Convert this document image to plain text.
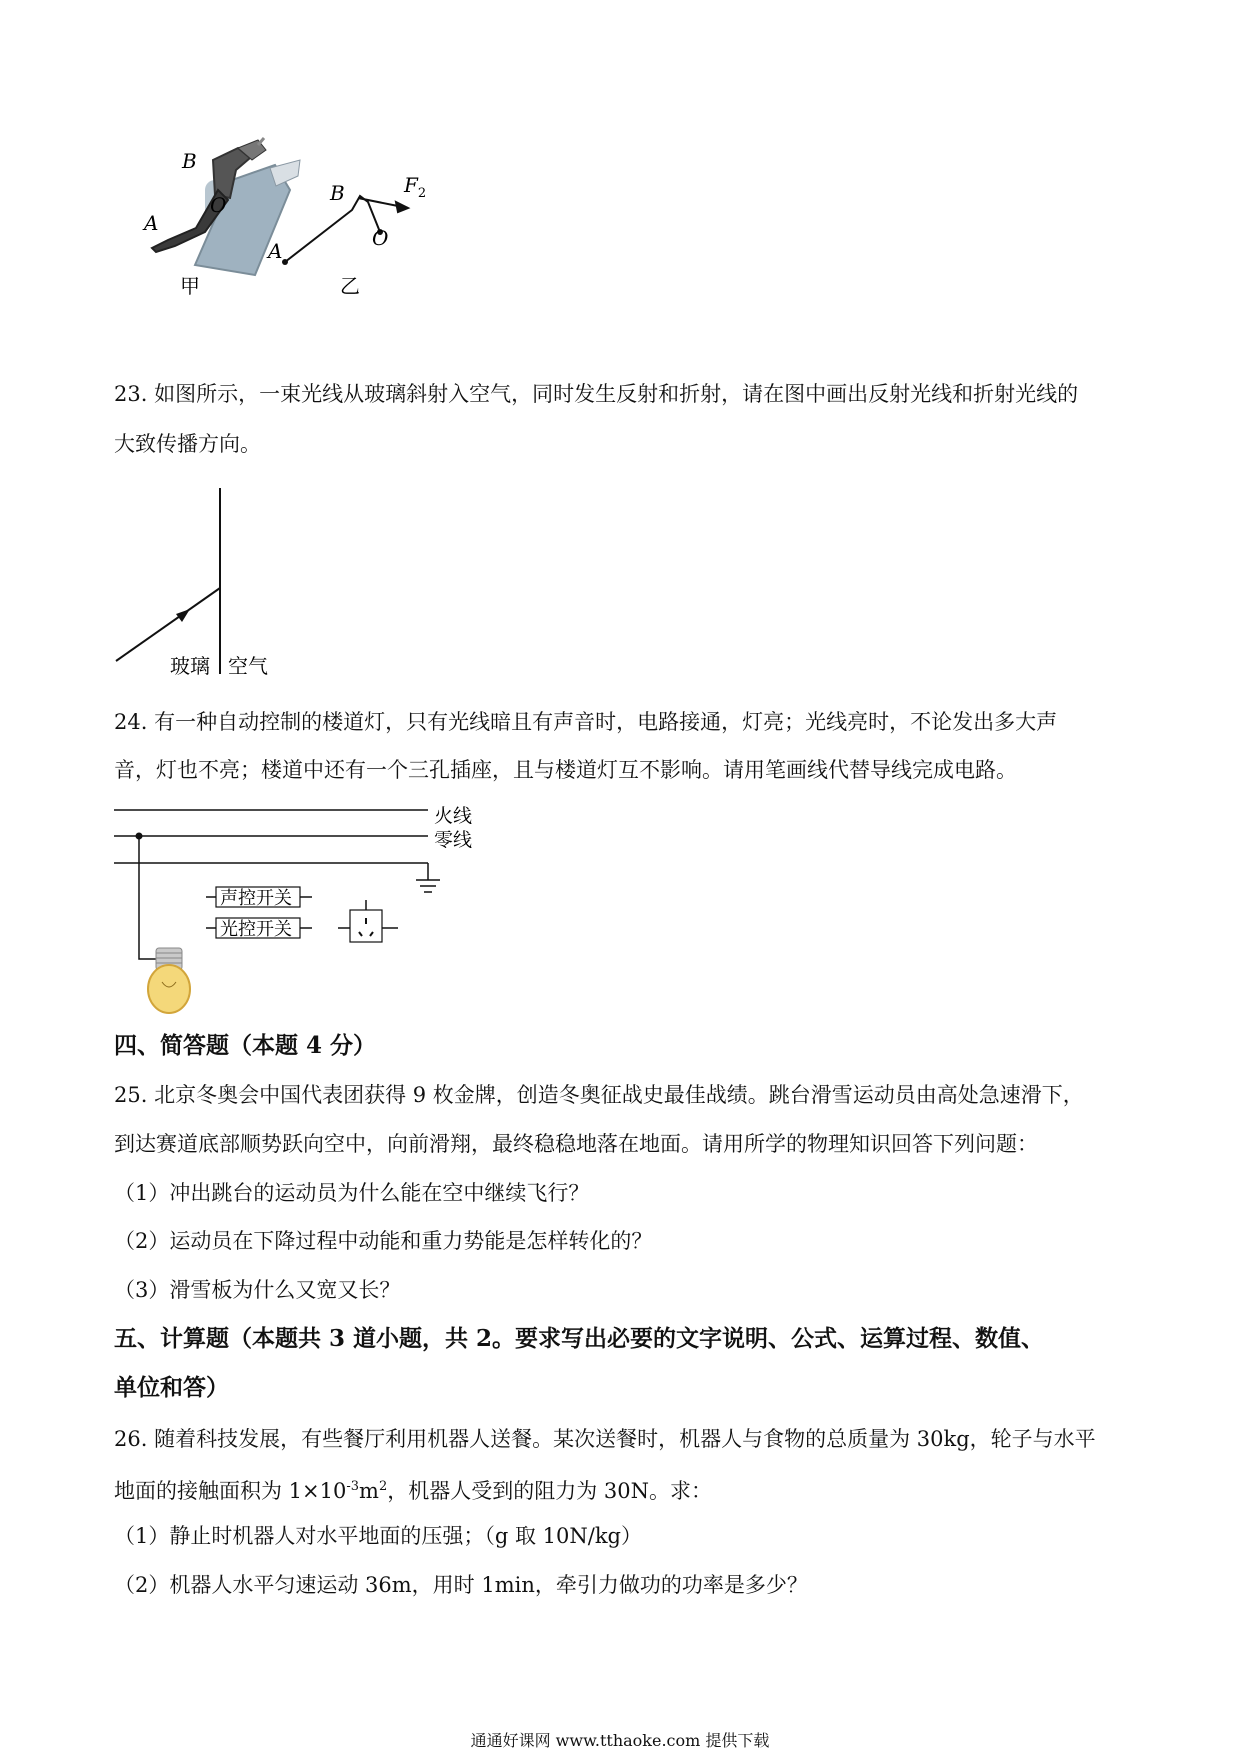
B
O
A
甲
B
O
A
$F_2$
乙
23. 如图所示，一束光线从玻璃斜射入空气，同时发生反射和折射，请在图中画出反射光线和折射光线的
大致传播方向。
玻璃 空气
24. 有一种自动控制的楼道灯，只有光线暗且有声音时，电路接通，灯亮；光线亮时，不论发出多大声
音，灯也不亮；楼道中还有一个三孔插座，且与楼道灯互不影响。请用笔画线代替导线完成电路。
火线
零线
声控开关
光控开关
四、简答题（本题 4 分）
25. 北京冬奥会中国代表团获得 9 枚金牌，创造冬奥征战史最佳战绩。跳台滑雪运动员由高处急速滑下，
到达赛道底部顺势跃向空中，向前滑翔，最终稳稳地落在地面。请用所学的物理知识回答下列问题：
（1）冲出跳台的运动员为什么能在空中继续飞行？
（2）运动员在下降过程中动能和重力势能是怎样转化的？
（3）滑雪板为什么又宽又长？
五、计算题（本题共 3 道小题，共 2。要求写出必要的文字说明、公式、运算过程、数值、
单位和答）
26. 随着科技发展，有些餐厅利用机器人送餐。某次送餐时，机器人与食物的总质量为 30kg，轮子与水平
地面的接触面积为 $1\times 10^{-3}m^2$，机器人受到的阻力为 30N。求：
（1）静止时机器人对水平地面的压强；（g 取 10N/kg）
（2）机器人水平匀速运动 36m，用时 1min，牵引力做功的功率是多少？
通通好课网 www.tthaoke.com 提供下载
